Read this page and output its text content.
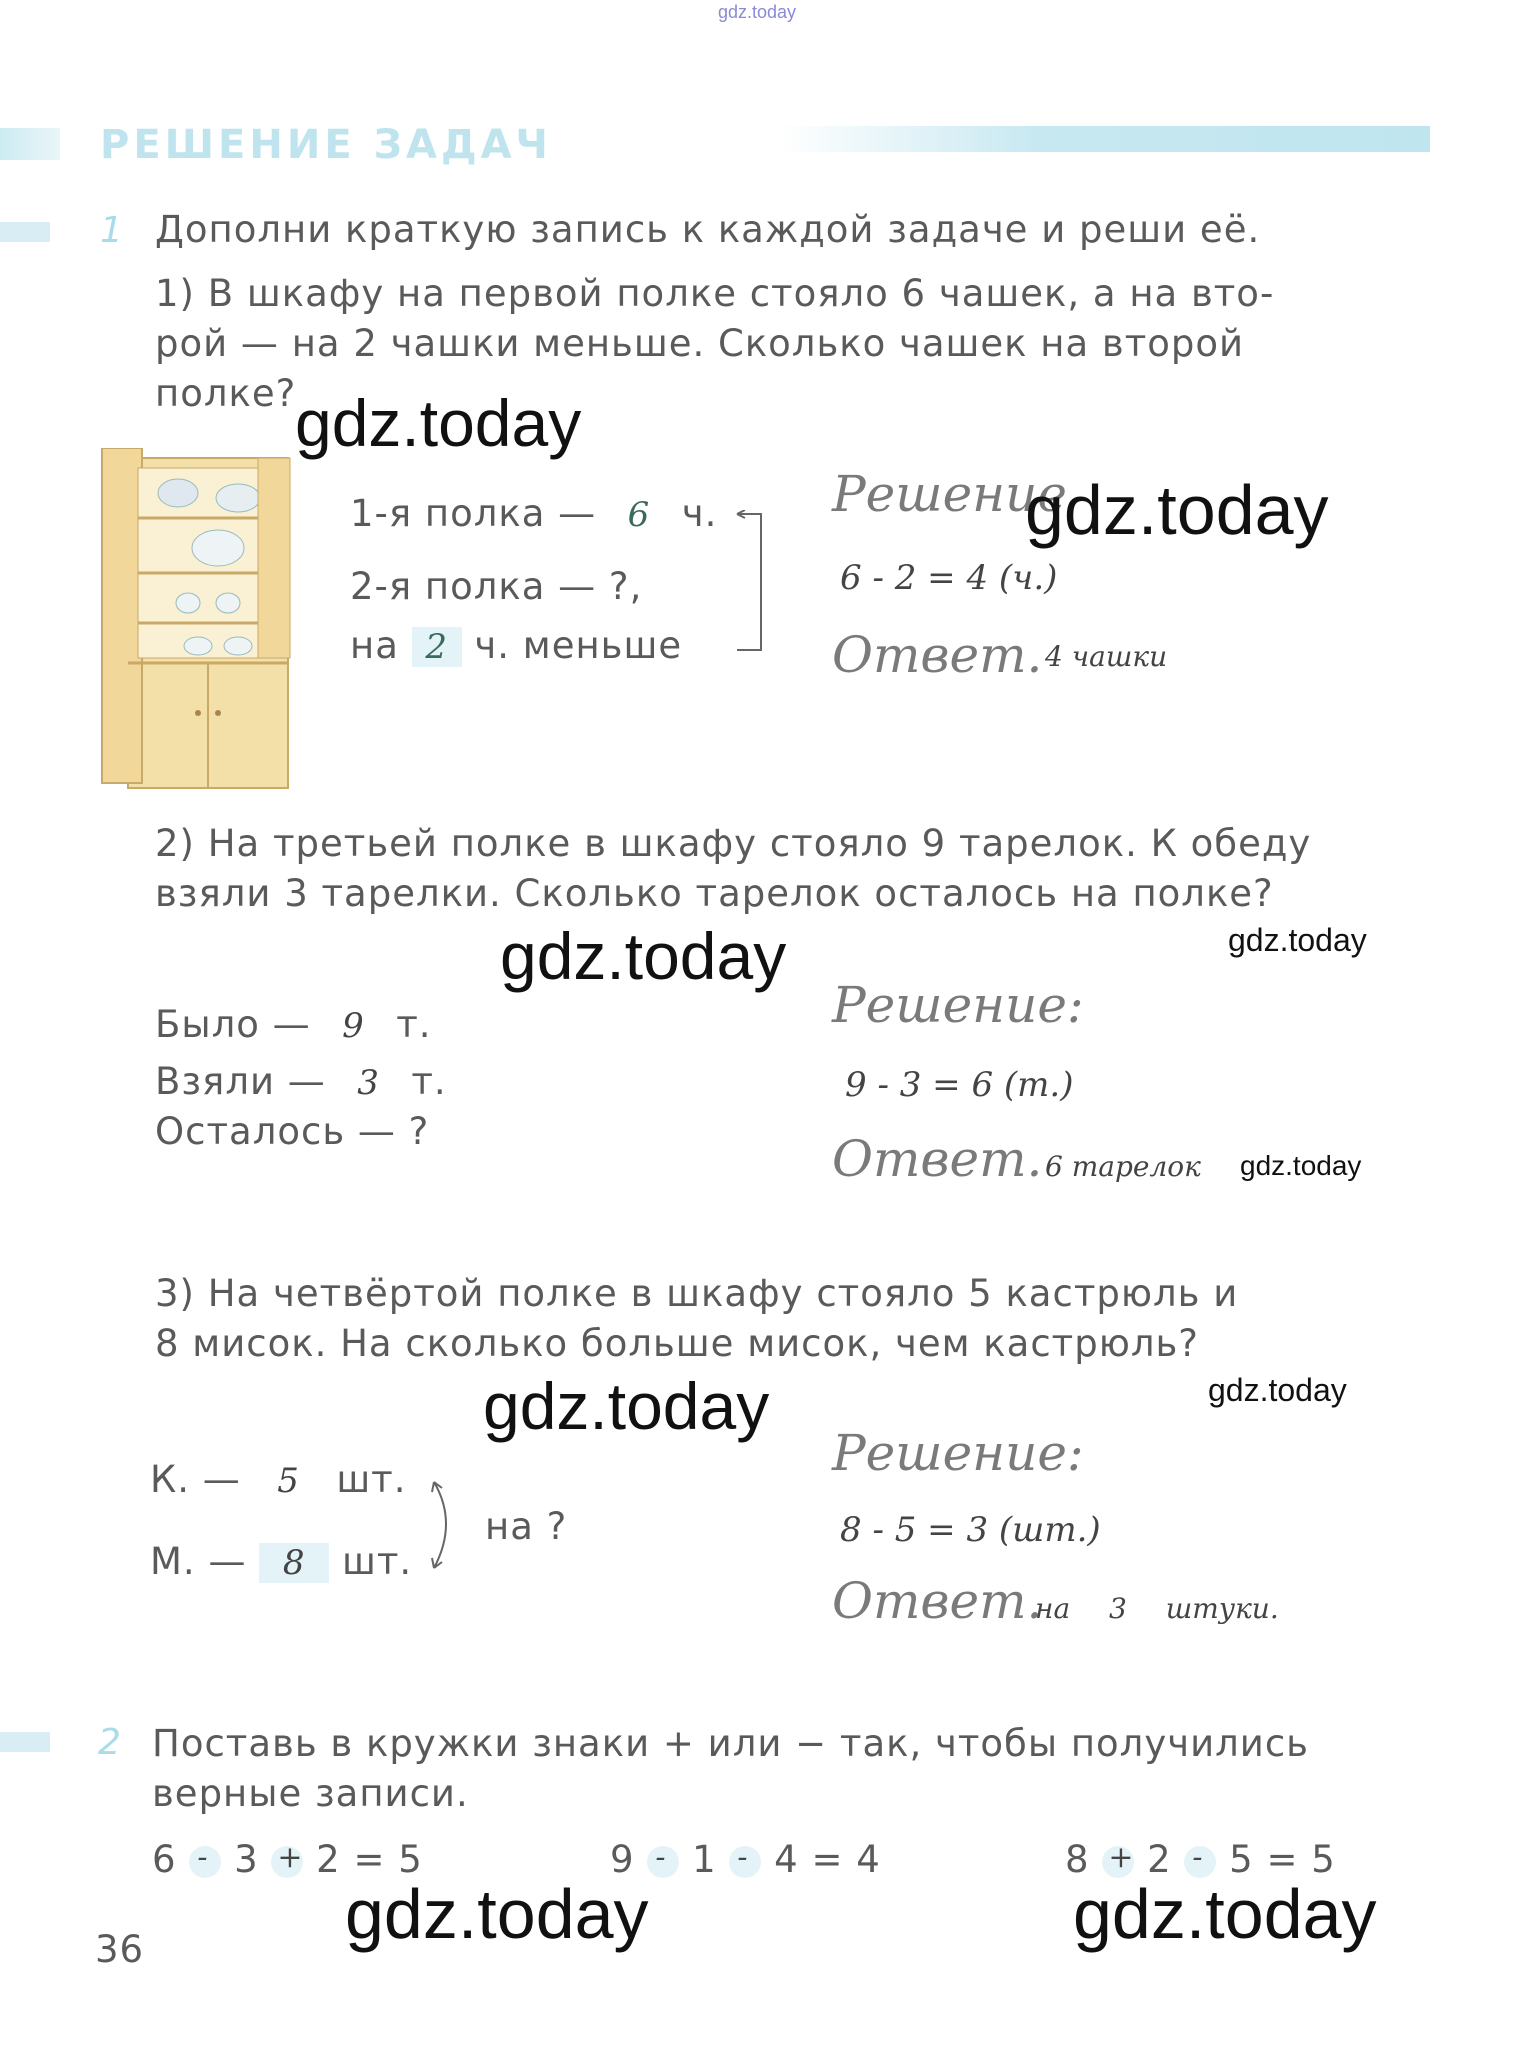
gdz.today
РЕШЕНИЕ ЗАДАЧ
1 Дополни краткую запись к каждой задаче и реши её.
1) В шкафу на первой полке стояло 6 чашек, а на вто-
рой — на 2 чашки меньше. Сколько чашек на второй
полке?
1-я полка — 6 ч.
2-я полка — ?,
на 2 ч. меньше
Решение
6 - 2 = 4 (ч.)
Ответ. 4 чашки
2) На третьей полке в шкафу стояло 9 тарелок. К обеду
взяли 3 тарелки. Сколько тарелок осталось на полке?
Было — 9 т.
Взяли — 3 т.
Осталось — ?
Решение:
9 - 3 = 6 (т.)
Ответ. 6 тарелок
3) На четвёртой полке в шкафу стояло 5 кастрюль и
8 мисок. На сколько больше мисок, чем кастрюль?
К. — 5 шт.
М. — 8 шт.
на ?
Решение:
8 - 5 = 3 (шт.)
Ответ.
на 3 штуки.
2 Поставь в кружки знаки + или − так, чтобы получились
верные записи.
6 - 3 + 2 = 5	9 - 1 - 4 = 4	8 + 2 - 5 = 5
36
gdz.today
gdz.today
gdz.today	gdz.today
gdz.today
gdz.today	gdz.today
gdz.today	gdz.today
